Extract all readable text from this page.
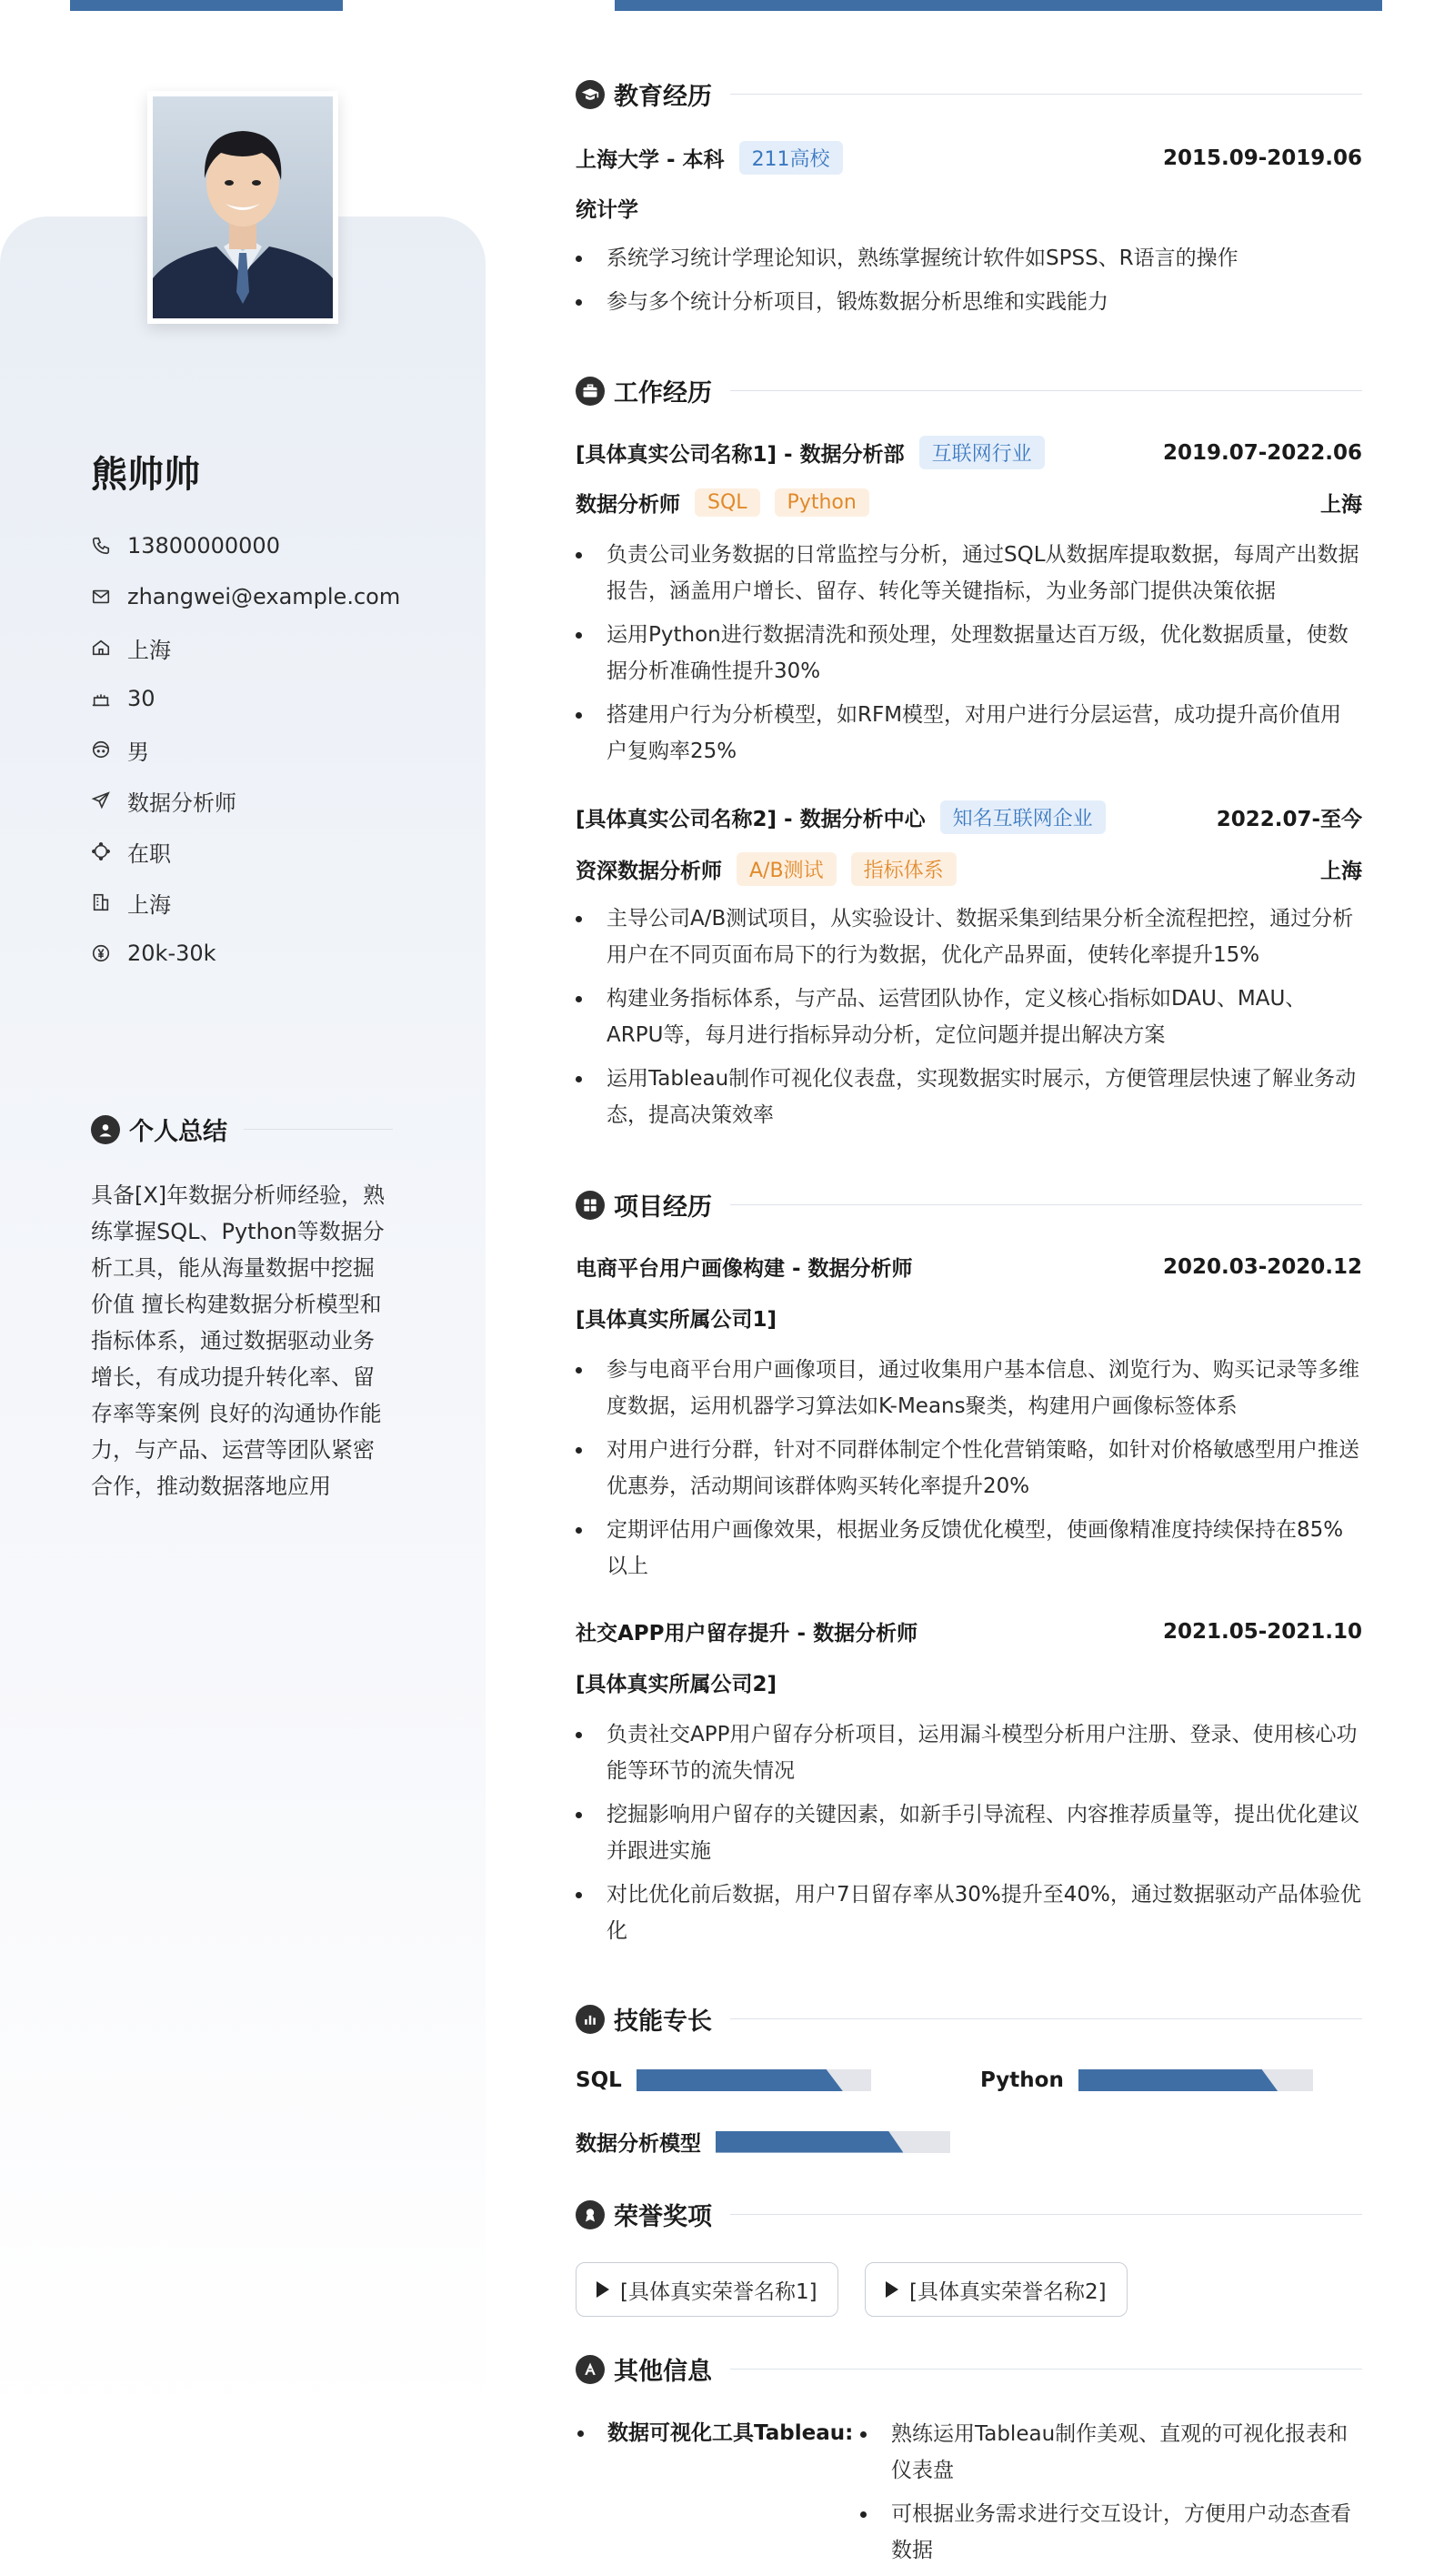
熊帅帅
13800000000
zhangwei@example.com
上海
30
男
数据分析师
在职
上海
20k-30k
个人总结
具备[X]年数据分析师经验，熟练掌握SQL、Python等数据分析工具，能从海量数据中挖掘价值 擅长构建数据分析模型和指标体系，通过数据驱动业务增长，有成功提升转化率、留存率等案例 良好的沟通协作能力，与产品、运营等团队紧密合作，推动数据落地应用
教育经历
上海大学 - 本科	211高校	2015.09-2019.06
统计学
系统学习统计学理论知识，熟练掌握统计软件如SPSS、R语言的操作
参与多个统计分析项目，锻炼数据分析思维和实践能力
工作经历
[具体真实公司名称1] - 数据分析部	互联网行业	2019.07-2022.06
数据分析师	SQL	Python	上海
负责公司业务数据的日常监控与分析，通过SQL从数据库提取数据，每周产出数据报告，涵盖用户增长、留存、转化等关键指标，为业务部门提供决策依据
运用Python进行数据清洗和预处理，处理数据量达百万级，优化数据质量，使数据分析准确性提升30%
搭建用户行为分析模型，如RFM模型，对用户进行分层运营，成功提升高价值用户复购率25%
[具体真实公司名称2] - 数据分析中心	知名互联网企业	2022.07-至今
资深数据分析师	A/B测试	指标体系	上海
主导公司A/B测试项目，从实验设计、数据采集到结果分析全流程把控，通过分析用户在不同页面布局下的行为数据，优化产品界面，使转化率提升15%
构建业务指标体系，与产品、运营团队协作，定义核心指标如DAU、MAU、ARPU等，每月进行指标异动分析，定位问题并提出解决方案
运用Tableau制作可视化仪表盘，实现数据实时展示，方便管理层快速了解业务动态，提高决策效率
项目经历
电商平台用户画像构建 - 数据分析师	2020.03-2020.12
[具体真实所属公司1]
参与电商平台用户画像项目，通过收集用户基本信息、浏览行为、购买记录等多维度数据，运用机器学习算法如K-Means聚类，构建用户画像标签体系
对用户进行分群，针对不同群体制定个性化营销策略，如针对价格敏感型用户推送优惠券，活动期间该群体购买转化率提升20%
定期评估用户画像效果，根据业务反馈优化模型，使画像精准度持续保持在85%以上
社交APP用户留存提升 - 数据分析师	2021.05-2021.10
[具体真实所属公司2]
负责社交APP用户留存分析项目，运用漏斗模型分析用户注册、登录、使用核心功能等环节的流失情况
挖掘影响用户留存的关键因素，如新手引导流程、内容推荐质量等，提出优化建议并跟进实施
对比优化前后数据，用户7日留存率从30%提升至40%，通过数据驱动产品体验优化
技能专长
SQL	Python
数据分析模型
荣誉奖项
[具体真实荣誉名称1]	[具体真实荣誉名称2]
其他信息
数据可视化工具Tableau:	熟练运用Tableau制作美观、直观的可视化报表和仪表盘
可根据业务需求进行交互设计，方便用户动态查看数据
